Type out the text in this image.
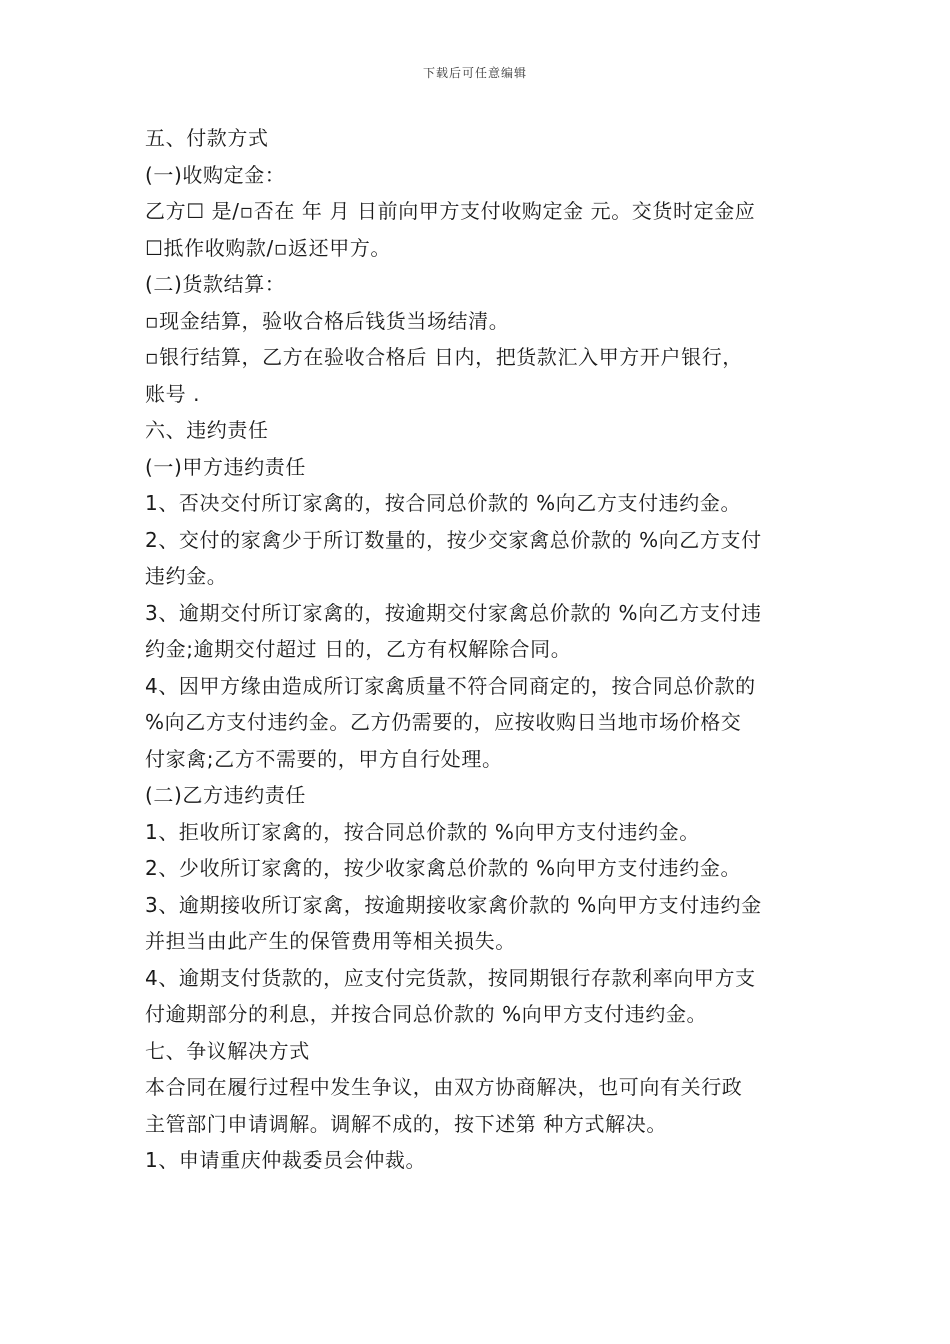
下载后可任意编辑
五、付款方式
(一)收购定金：
乙方☐ 是/▫否在 年 月 日前向甲方支付收购定金 元。交货时定金应
☐抵作收购款/▫返还甲方。
(二)货款结算：
▫现金结算，验收合格后钱货当场结清。
▫银行结算，乙方在验收合格后 日内，把货款汇入甲方开户银行，
账号 .
六、违约责任
(一)甲方违约责任
1、否决交付所订家禽的，按合同总价款的 %向乙方支付违约金。
2、交付的家禽少于所订数量的，按少交家禽总价款的 %向乙方支付
违约金。
3、逾期交付所订家禽的，按逾期交付家禽总价款的 %向乙方支付违
约金;逾期交付超过 日的，乙方有权解除合同。
4、因甲方缘由造成所订家禽质量不符合同商定的，按合同总价款的
%向乙方支付违约金。乙方仍需要的，应按收购日当地市场价格交
付家禽;乙方不需要的，甲方自行处理。
(二)乙方违约责任
1、拒收所订家禽的，按合同总价款的 %向甲方支付违约金。
2、少收所订家禽的，按少收家禽总价款的 %向甲方支付违约金。
3、逾期接收所订家禽，按逾期接收家禽价款的 %向甲方支付违约金
并担当由此产生的保管费用等相关损失。
4、逾期支付货款的，应支付完货款，按同期银行存款利率向甲方支
付逾期部分的利息，并按合同总价款的 %向甲方支付违约金。
七、争议解决方式
本合同在履行过程中发生争议，由双方协商解决，也可向有关行政
主管部门申请调解。调解不成的，按下述第 种方式解决。
1、申请重庆仲裁委员会仲裁。
